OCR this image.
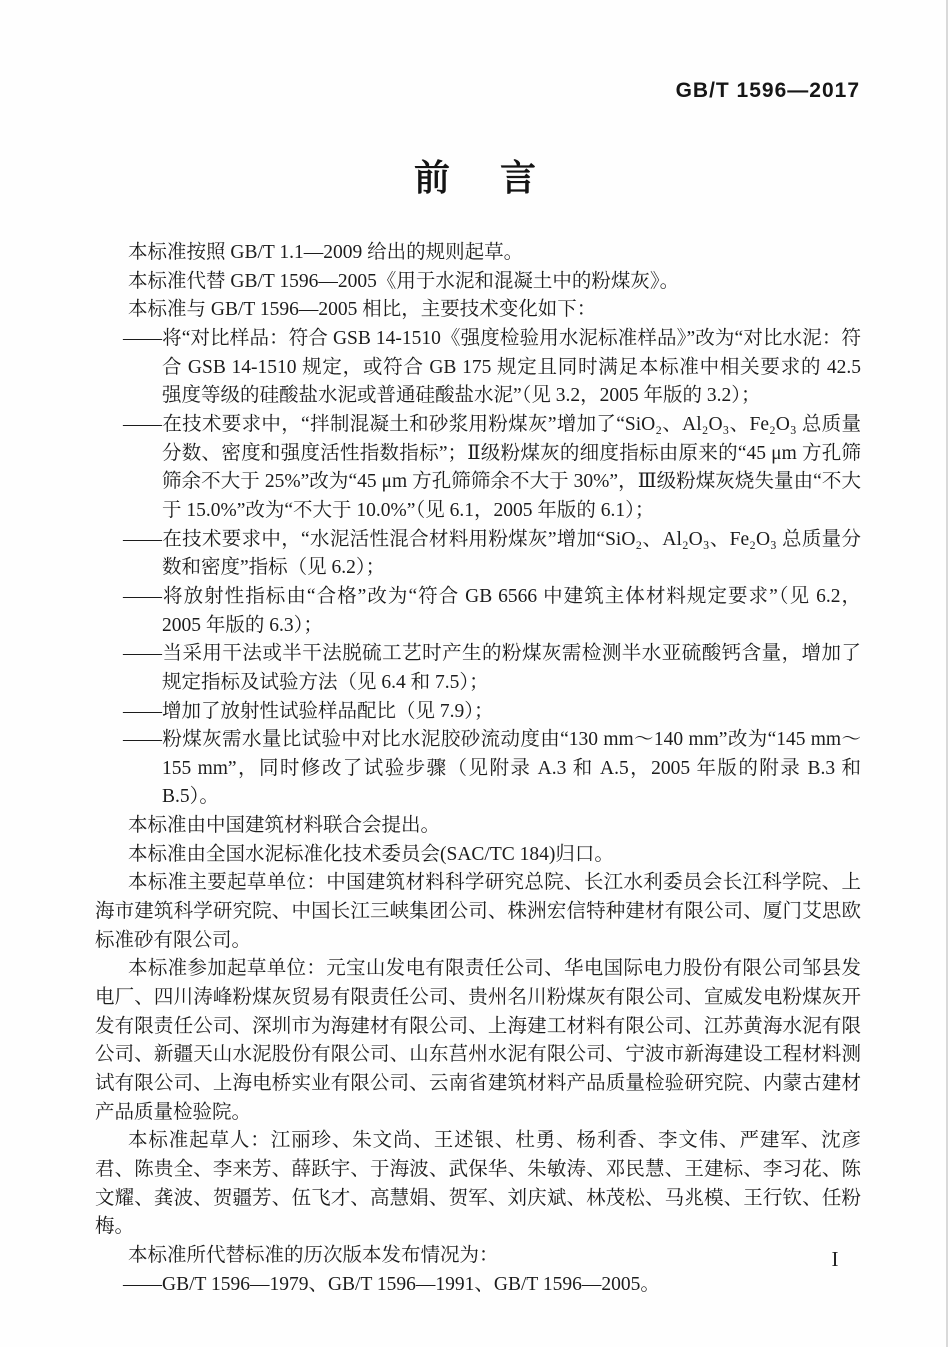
GB/T 1596—2017
前 言
本标准按照 GB/T 1.1—2009 给出的规则起草。
本标准代替 GB/T 1596—2005《用于水泥和混凝土中的粉煤灰》。
本标准与 GB/T 1596—2005 相比，主要技术变化如下：
——将“对比样品：符合 GSB 14-1510《强度检验用水泥标准样品》”改为“对比水泥：符合 GSB 14-1510 规定，或符合 GB 175 规定且同时满足本标准中相关要求的 42.5 强度等级的硅酸盐水泥或普通硅酸盐水泥”（见 3.2，2005 年版的 3.2）；
——在技术要求中，“拌制混凝土和砂浆用粉煤灰”增加了“SiO₂、Al₂O₃、Fe₂O₃ 总质量分数、密度和强度活性指数指标”；Ⅱ级粉煤灰的细度指标由原来的“45 μm 方孔筛筛余不大于 25%”改为“45 μm 方孔筛筛余不大于 30%”，Ⅲ级粉煤灰烧失量由“不大于 15.0%”改为“不大于 10.0%”（见 6.1，2005 年版的 6.1）；
——在技术要求中，“水泥活性混合材料用粉煤灰”增加“SiO₂、Al₂O₃、Fe₂O₃ 总质量分数和密度”指标（见 6.2）；
——将放射性指标由“合格”改为“符合 GB 6566 中建筑主体材料规定要求”（见 6.2，2005 年版的 6.3）；
——当采用干法或半干法脱硫工艺时产生的粉煤灰需检测半水亚硫酸钙含量，增加了规定指标及试验方法（见 6.4 和 7.5）；
——增加了放射性试验样品配比（见 7.9）；
——粉煤灰需水量比试验中对比水泥胶砂流动度由“130 mm～140 mm”改为“145 mm～155 mm”，同时修改了试验步骤（见附录 A.3 和 A.5，2005 年版的附录 B.3 和 B.5）。
本标准由中国建筑材料联合会提出。
本标准由全国水泥标准化技术委员会(SAC/TC 184)归口。
本标准主要起草单位：中国建筑材料科学研究总院、长江水利委员会长江科学院、上海市建筑科学研究院、中国长江三峡集团公司、株洲宏信特种建材有限公司、厦门艾思欧标准砂有限公司。
本标准参加起草单位：元宝山发电有限责任公司、华电国际电力股份有限公司邹县发电厂、四川涛峰粉煤灰贸易有限责任公司、贵州名川粉煤灰有限公司、宣威发电粉煤灰开发有限责任公司、深圳市为海建材有限公司、上海建工材料有限公司、江苏黄海水泥有限公司、新疆天山水泥股份有限公司、山东莒州水泥有限公司、宁波市新海建设工程材料测试有限公司、上海电桥实业有限公司、云南省建筑材料产品质量检验研究院、内蒙古建材产品质量检验院。
本标准起草人：江丽珍、朱文尚、王述银、杜勇、杨利香、李文伟、严建军、沈彦君、陈贵全、李来芳、薛跃宇、于海波、武保华、朱敏涛、邓民慧、王建标、李习花、陈文耀、龚波、贺疆芳、伍飞才、高慧娟、贺军、刘庆斌、林茂松、马兆模、王行钦、任粉梅。
本标准所代替标准的历次版本发布情况为：
——GB/T 1596—1979、GB/T 1596—1991、GB/T 1596—2005。
I
